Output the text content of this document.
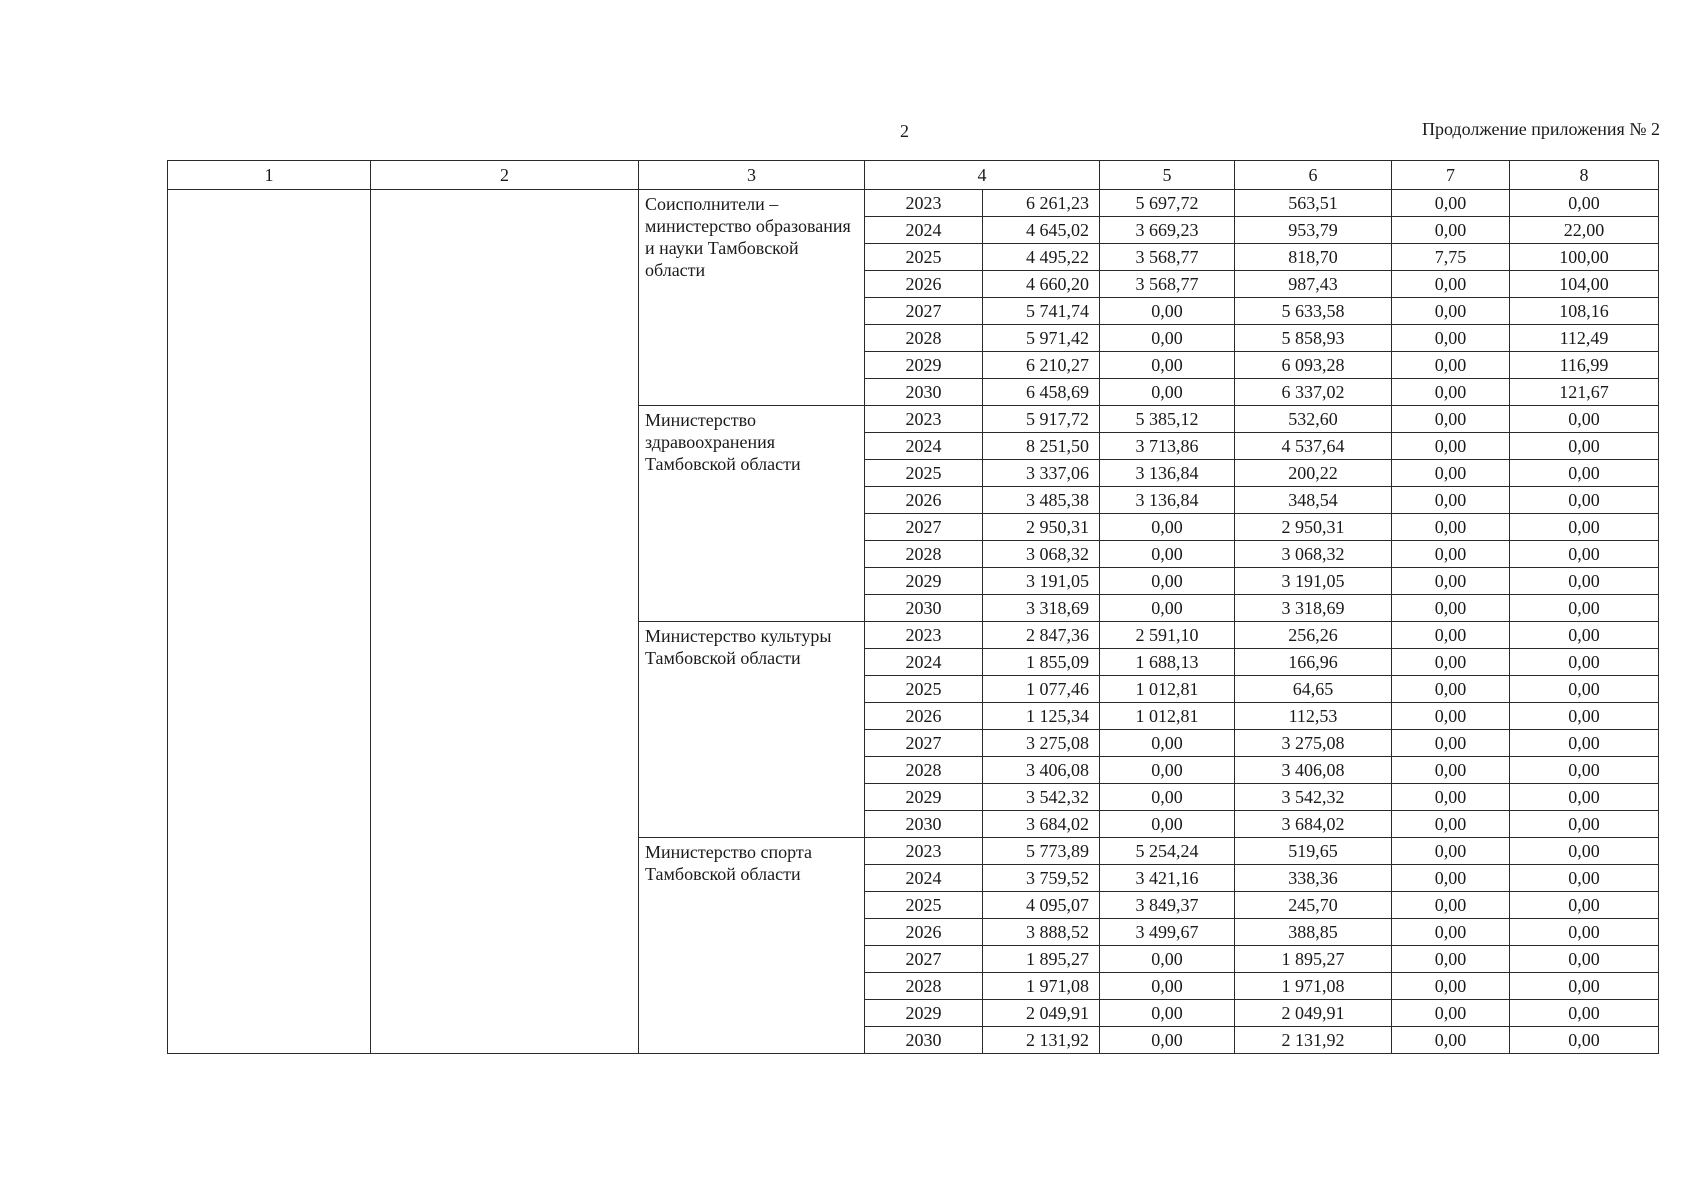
2	Продолжение приложения № 2
1	2	3	4		5	6	7	8
		Соисполнители – министерство образования и науки Тамбовской области	2023	6 261,23	5 697,72	563,51	0,00	0,00
			2024	4 645,02	3 669,23	953,79	0,00	22,00
			2025	4 495,22	3 568,77	818,70	7,75	100,00
			2026	4 660,20	3 568,77	987,43	0,00	104,00
			2027	5 741,74	0,00	5 633,58	0,00	108,16
			2028	5 971,42	0,00	5 858,93	0,00	112,49
			2029	6 210,27	0,00	6 093,28	0,00	116,99
			2030	6 458,69	0,00	6 337,02	0,00	121,67
		Министерство здравоохранения Тамбовской области	2023	5 917,72	5 385,12	532,60	0,00	0,00
			2024	8 251,50	3 713,86	4 537,64	0,00	0,00
			2025	3 337,06	3 136,84	200,22	0,00	0,00
			2026	3 485,38	3 136,84	348,54	0,00	0,00
			2027	2 950,31	0,00	2 950,31	0,00	0,00
			2028	3 068,32	0,00	3 068,32	0,00	0,00
			2029	3 191,05	0,00	3 191,05	0,00	0,00
			2030	3 318,69	0,00	3 318,69	0,00	0,00
		Министерство культуры Тамбовской области	2023	2 847,36	2 591,10	256,26	0,00	0,00
			2024	1 855,09	1 688,13	166,96	0,00	0,00
			2025	1 077,46	1 012,81	64,65	0,00	0,00
			2026	1 125,34	1 012,81	112,53	0,00	0,00
			2027	3 275,08	0,00	3 275,08	0,00	0,00
			2028	3 406,08	0,00	3 406,08	0,00	0,00
			2029	3 542,32	0,00	3 542,32	0,00	0,00
			2030	3 684,02	0,00	3 684,02	0,00	0,00
		Министерство спорта Тамбовской области	2023	5 773,89	5 254,24	519,65	0,00	0,00
			2024	3 759,52	3 421,16	338,36	0,00	0,00
			2025	4 095,07	3 849,37	245,70	0,00	0,00
			2026	3 888,52	3 499,67	388,85	0,00	0,00
			2027	1 895,27	0,00	1 895,27	0,00	0,00
			2028	1 971,08	0,00	1 971,08	0,00	0,00
			2029	2 049,91	0,00	2 049,91	0,00	0,00
			2030	2 131,92	0,00	2 131,92	0,00	0,00
